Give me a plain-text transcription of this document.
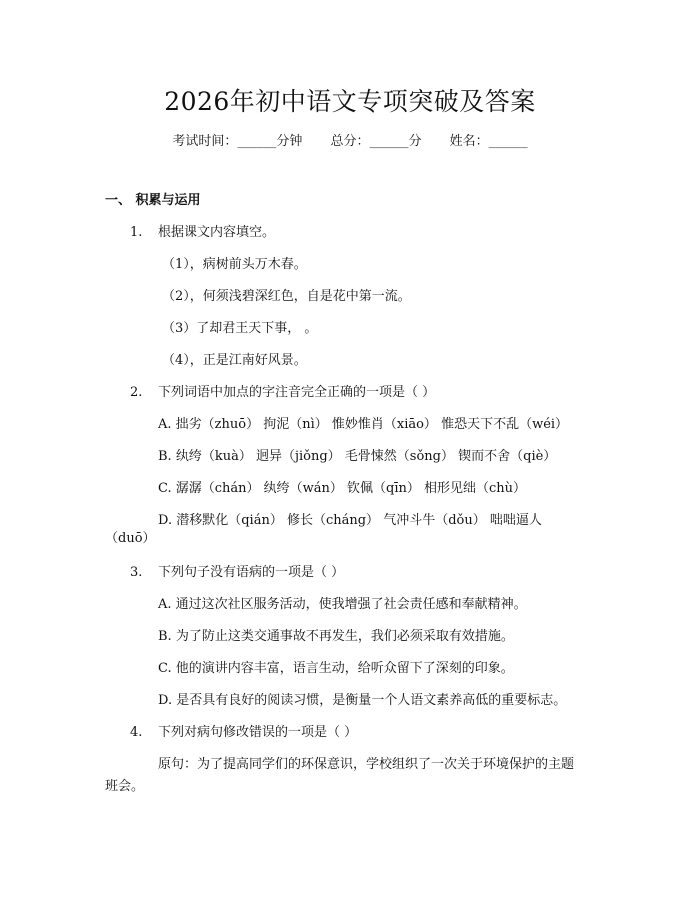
2026年初中语文专项突破及答案
考试时间：______分钟 总分：______分 姓名：______
一、 积累与运用
1. 根据课文内容填空。
（1），病树前头万木春。
（2），何须浅碧深红色，自是花中第一流。
（3）了却君王天下事， 。
（4），正是江南好风景。
2. 下列词语中加点的字注音完全正确的一项是（ ）
A. 拙劣（zhuō） 拘泥（nì） 惟妙惟肖（xiāo） 惟恐天下不乱（wéi）
B. 纨绔（kuà） 迥异（jiǒng） 毛骨悚然（sǒng） 锲而不舍（qiè）
C. 潺潺（chán） 纨绔（wán） 钦佩（qīn） 相形见绌（chù）
D. 潜移默化（qián） 修长（cháng） 气冲斗牛（dǒu） 咄咄逼人
（duō）
3. 下列句子没有语病的一项是（ ）
A. 通过这次社区服务活动，使我增强了社会责任感和奉献精神。
B. 为了防止这类交通事故不再发生，我们必须采取有效措施。
C. 他的演讲内容丰富，语言生动，给听众留下了深刻的印象。
D. 是否具有良好的阅读习惯，是衡量一个人语文素养高低的重要标志。
4. 下列对病句修改错误的一项是（ ）
原句：为了提高同学们的环保意识，学校组织了一次关于环境保护的主题
班会。
